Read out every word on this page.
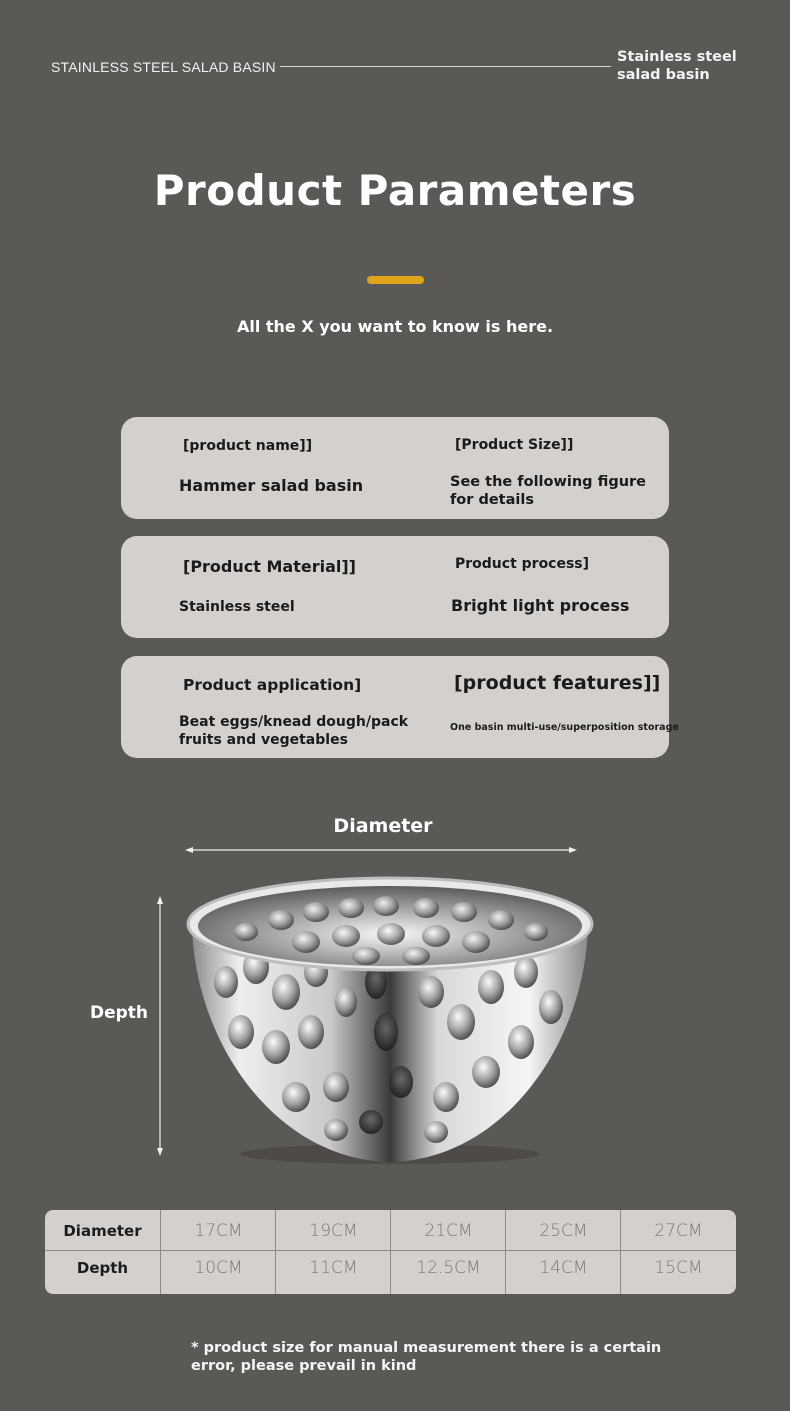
STAINLESS STEEL SALAD BASIN
Stainless steel salad basin
Product Parameters
All the X you want to know is here.
[product name]]
Hammer salad basin
[Product Size]]
See the following figure for details
[Product Material]]
Stainless steel
Product process]
Bright light process
Product application]
Beat eggs/knead dough/pack fruits and vegetables
[product features]]
One basin multi-use/superposition storage
Diameter
Depth
Diameter	17CM	19CM	21CM	25CM	27CM
Depth	10CM	11CM	12.5CM	14CM	15CM
* product size for manual measurement there is a certain error, please prevail in kind
